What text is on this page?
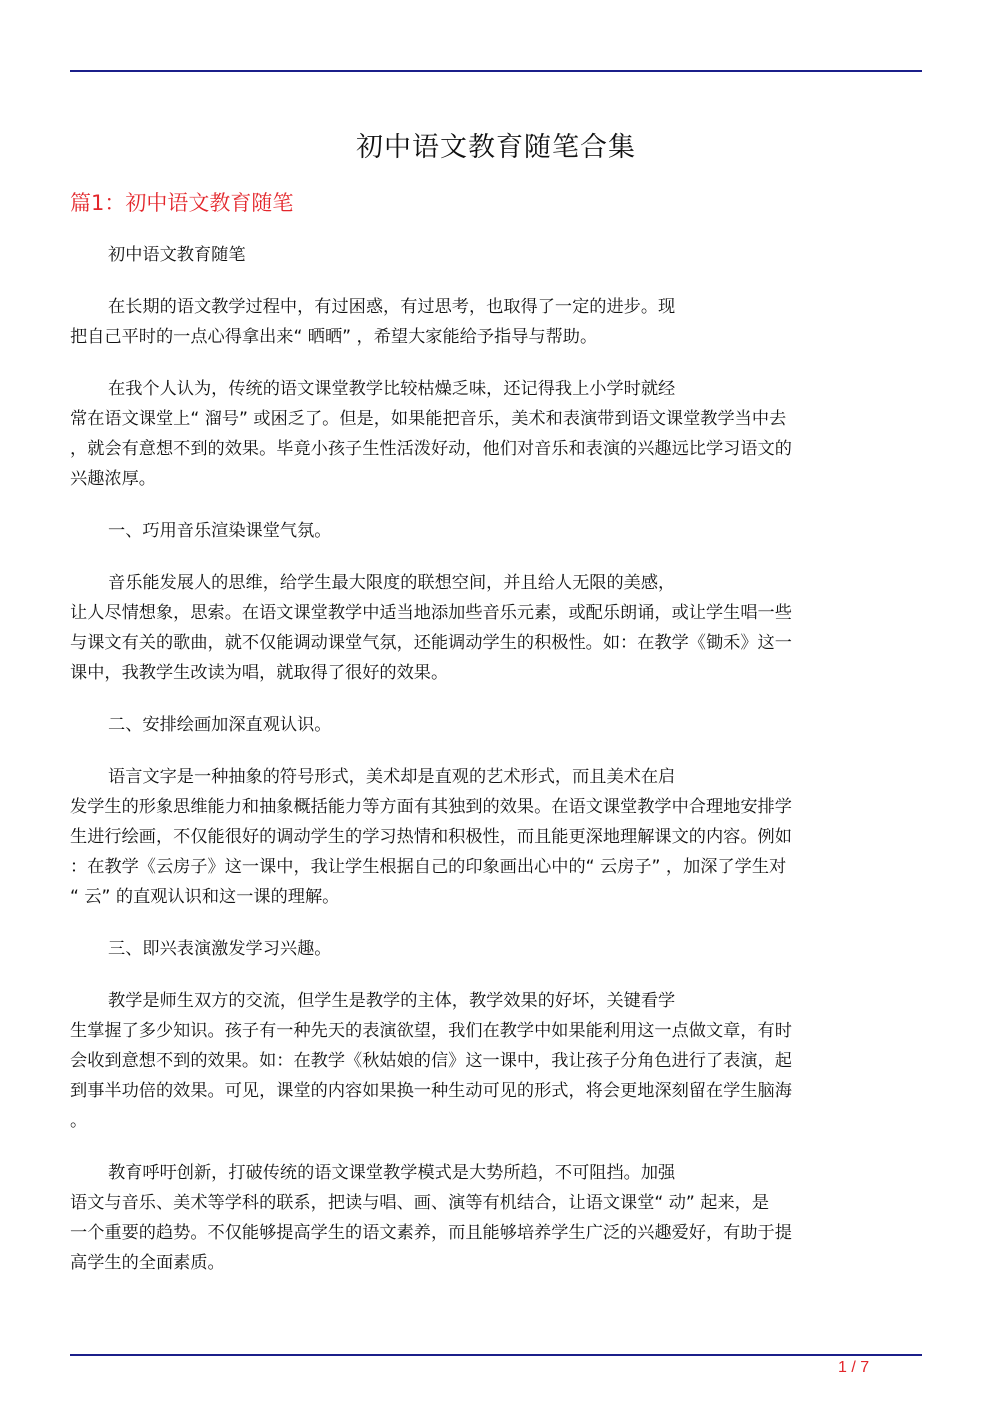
初中语文教育随笔合集
篇1：初中语文教育随笔

初中语文教育随笔

在长期的语文教学过程中，有过困惑，有过思考，也取得了一定的进步。现
把自己平时的一点心得拿出来“ 晒晒” ，希望大家能给予指导与帮助。

在我个人认为，传统的语文课堂教学比较枯燥乏味，还记得我上小学时就经
常在语文课堂上“ 溜号” 或困乏了。但是，如果能把音乐，美术和表演带到语文课堂教学当中去
，就会有意想不到的效果。毕竟小孩子生性活泼好动，他们对音乐和表演的兴趣远比学习语文的
兴趣浓厚。

一、巧用音乐渲染课堂气氛。

音乐能发展人的思维，给学生最大限度的联想空间，并且给人无限的美感，
让人尽情想象，思索。在语文课堂教学中适当地添加些音乐元素，或配乐朗诵，或让学生唱一些
与课文有关的歌曲，就不仅能调动课堂气氛，还能调动学生的积极性。如：在教学《锄禾》这一
课中，我教学生改读为唱，就取得了很好的效果。

二、安排绘画加深直观认识。

语言文字是一种抽象的符号形式，美术却是直观的艺术形式，而且美术在启
发学生的形象思维能力和抽象概括能力等方面有其独到的效果。在语文课堂教学中合理地安排学
生进行绘画，不仅能很好的调动学生的学习热情和积极性，而且能更深地理解课文的内容。例如
：在教学《云房子》这一课中，我让学生根据自己的印象画出心中的“ 云房子” ，加深了学生对
“ 云” 的直观认识和这一课的理解。

三、即兴表演激发学习兴趣。

教学是师生双方的交流，但学生是教学的主体，教学效果的好坏，关键看学
生掌握了多少知识。孩子有一种先天的表演欲望，我们在教学中如果能利用这一点做文章，有时
会收到意想不到的效果。如：在教学《秋姑娘的信》这一课中，我让孩子分角色进行了表演，起
到事半功倍的效果。可见，课堂的内容如果换一种生动可见的形式，将会更地深刻留在学生脑海
。

教育呼吁创新，打破传统的语文课堂教学模式是大势所趋，不可阻挡。加强
语文与音乐、美术等学科的联系，把读与唱、画、演等有机结合，让语文课堂“ 动” 起来，是
一个重要的趋势。不仅能够提高学生的语文素养，而且能够培养学生广泛的兴趣爱好，有助于提
高学生的全面素质。

1 / 7
